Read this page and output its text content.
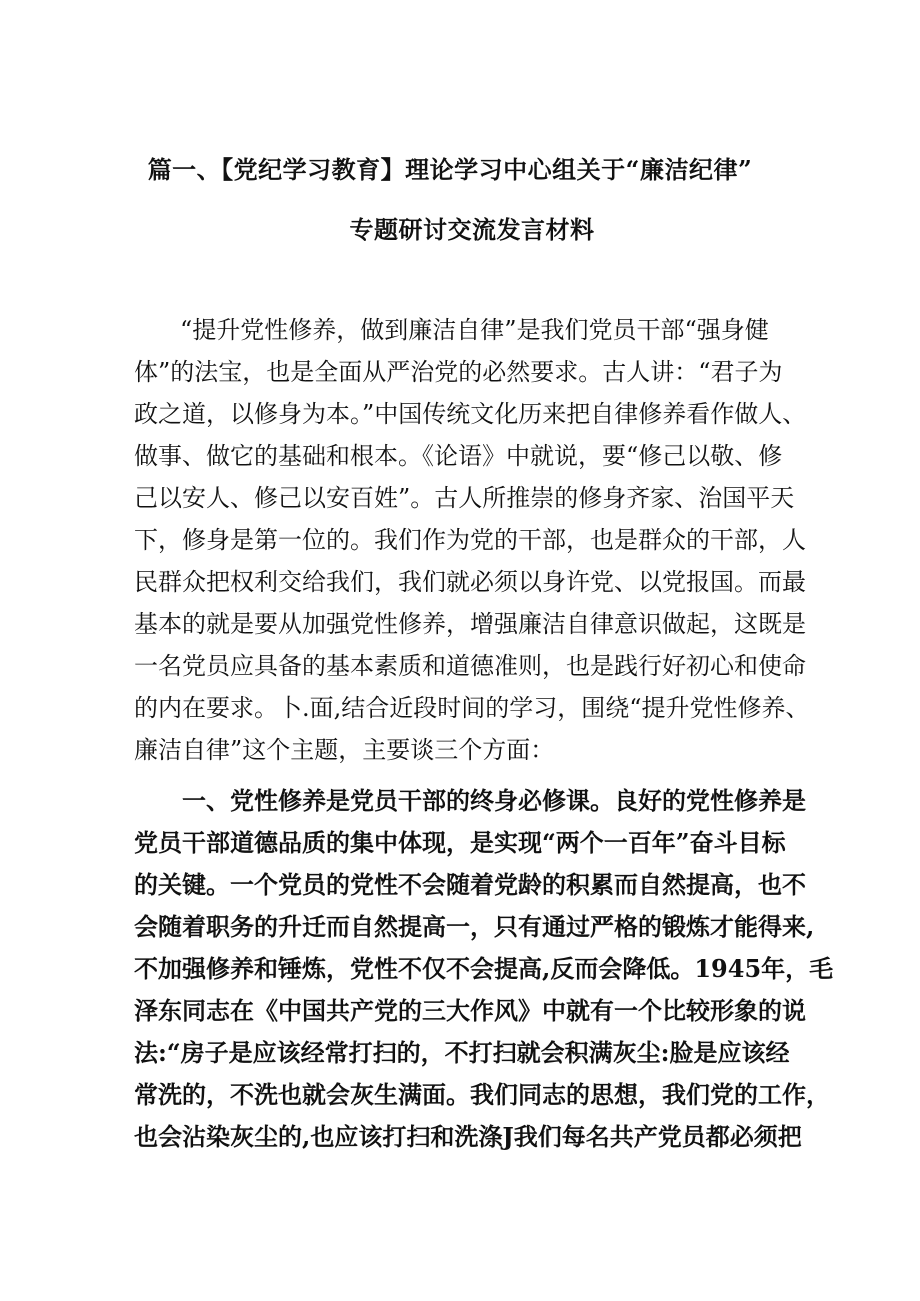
篇一、【党纪学习教育】理论学习中心组关于“廉洁纪律”
专题研讨交流发言材料
“提升党性修养，做到廉洁自律”是我们党员干部“强身健
体”的法宝，也是全面从严治党的必然要求。古人讲：“君子为
政之道，以修身为本。”中国传统文化历来把自律修养看作做人、
做事、做它的基础和根本。《论语》中就说，要“修己以敬、修
己以安人、修己以安百姓”。古人所推崇的修身齐家、治国平天
下，修身是第一位的。我们作为党的干部，也是群众的干部，人
民群众把权利交给我们，我们就必须以身许党、以党报国。而最
基本的就是要从加强党性修养，增强廉洁自律意识做起，这既是
一名党员应具备的基本素质和道德准则，也是践行好初心和使命
的内在要求。卜.面,结合近段时间的学习，围绕“提升党性修养、
廉洁自律”这个主题，主要谈三个方面：
一、党性修养是党员干部的终身必修课。良好的党性修养是
党员干部道德品质的集中体现，是实现“两个一百年”奋斗目标
的关键。一个党员的党性不会随着党龄的积累而自然提高，也不
会随着职务的升迁而自然提高一，只有通过严格的锻炼才能得来,
不加强修养和锤炼，党性不仅不会提高,反而会降低。1945年，毛
泽东同志在《中国共产党的三大作风》中就有一个比较形象的说
法:“房子是应该经常打扫的，不打扫就会积满灰尘:脸是应该经
常洗的，不洗也就会灰生满面。我们同志的思想，我们党的工作，
也会沾染灰尘的,也应该打扫和洗涤J我们每名共产党员都必须把
